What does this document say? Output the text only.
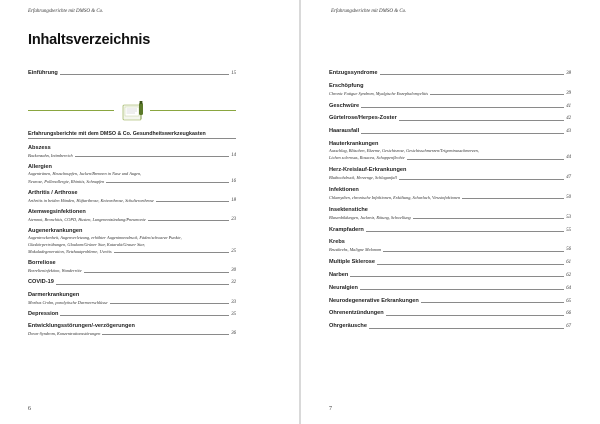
Erfahrungsberichte mit DMSO & Co.
Inhaltsverzeichnis
Einführung	15
Erfahrungsberichte mit dem DMSO & Co. Gesundheitswerkzeugkasten
Abszess
Backenzahn, Intimbereich	14
Allergien
Augentränen, Heuschnupfen, Jucken/Brennen in Nase und Augen,
Neurose, Pollenallergie, Rhinitis, Schnupfen	16
Arthritis / Arthrose
Arthritis in beiden Händen, Hüftarthrose, Kniearthrose, Schulterarthrose	18
Atemwegsinfektionen
Atemnot, Bronchitis, COPD, Husten, Lungenentzündung/Pneumonie	23
Augenerkrankungen
Augentrockenheit, Augenverletzung, erhöhter Augeninnendruck, Fäden/schwarze Punkte,
Glaskörpertrübungen, Glaukom/Grüner Star, Katarakt/Grauer Star,
Makuladegeneration, Netzhautprobleme, Uveitis	25
Borreliose
Borrelieninfektion, Wanderröte	30
COVID-19	32
Darmerkrankungen
Morbus Crohn, paralytische Darmverschlüsse	33
Depression	35
Entwicklungsstörungen/-verzögerungen
Down-Syndrom, Konzentrationsstörungen	36
6
Erfahrungsberichte mit DMSO & Co.
Entzugssyndrome	38
Erschöpfung
Chronic Fatigue Syndrom, Myalgische Enzephalomyelitis	39
Geschwüre	41
Gürtelrose/Herpes-Zoster	42
Haarausfall	43
Hauterkrankungen
Ausschlag, Bläschen, Ekzeme, Gesichtsrose, Gesichtsschmerzen/Trigeminusschmerzen,
Lichen sclerosus, Rosacea, Schuppenflechte	44
Herz-Kreislauf-Erkrankungen
Bluthochdruck, Herzenge, Schlaganfall	47
Infektionen
Chlamydien, chronische Infektionen, Erkältung, Scharlach, Virusinfektionen	50
Insektenstiche
Blasenbildungen, Juckreiz, Rötung, Schwellung	53
Krampfadern	55
Krebs
Brustkrebs, Maligne Melanom	56
Multiple Sklerose	61
Narben	62
Neuralgien	64
Neurodegenerative Erkrankungen	65
Ohrenentzündungen	66
Ohrgeräusche	67
7
